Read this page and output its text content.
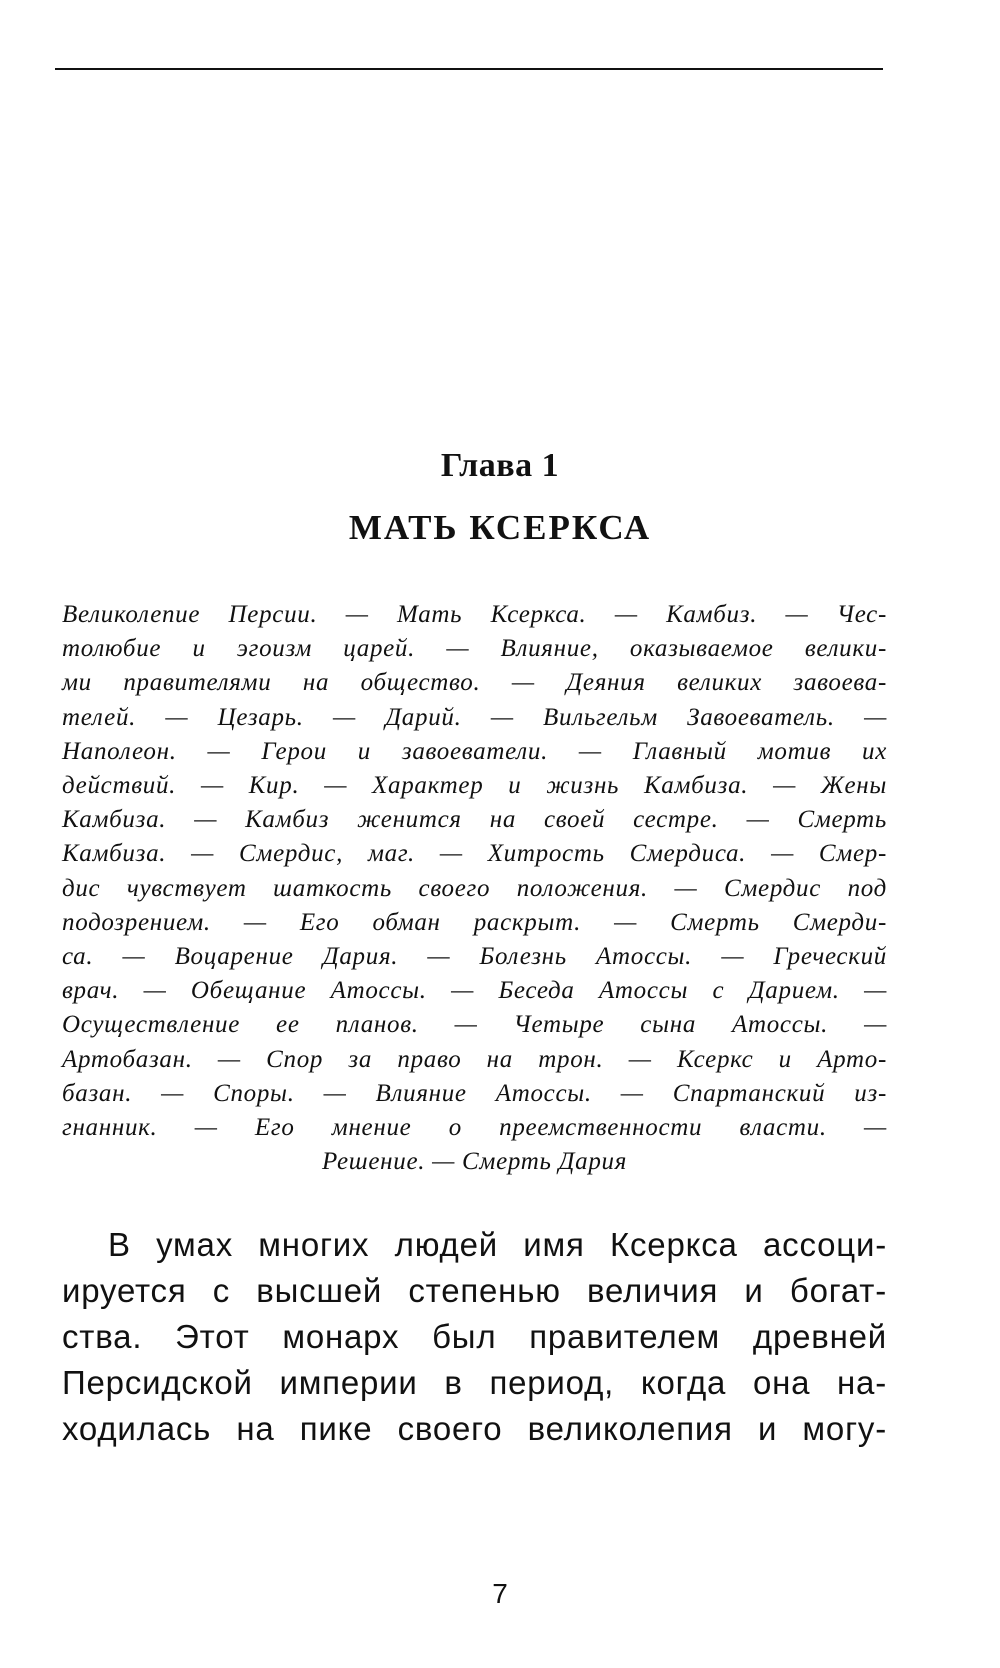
Глава 1
МАТЬ КСЕРКСА
Великолепие Персии. — Мать Ксеркса. — Камбиз. — Чес-
толюбие и эгоизм царей. — Влияние, оказываемое велики-
ми правителями на общество. — Деяния великих завоева-
телей. — Цезарь. — Дарий. — Вильгельм Завоеватель. —
Наполеон. — Герои и завоеватели. — Главный мотив их
действий. — Кир. — Характер и жизнь Камбиза. — Жены
Камбиза. — Камбиз женится на своей сестре. — Смерть
Камбиза. — Смердис, маг. — Хитрость Смердиса. — Смер-
дис чувствует шаткость своего положения. — Смердис под
подозрением. — Его обман раскрыт. — Смерть Смерди-
са. — Воцарение Дария. — Болезнь Атоссы. — Греческий
врач. — Обещание Атоссы. — Беседа Атоссы с Дарием. —
Осуществление ее планов. — Четыре сына Атоссы. —
Артобазан. — Спор за право на трон. — Ксеркс и Арто-
базан. — Споры. — Влияние Атоссы. — Спартанский из-
гнанник. — Его мнение о преемственности власти. —
Решение. — Смерть Дария
В умах многих людей имя Ксеркса ассоци-
ируется с высшей степенью величия и богат-
ства. Этот монарх был правителем древней
Персидской империи в период, когда она на-
ходилась на пике своего великолепия и могу-
7
